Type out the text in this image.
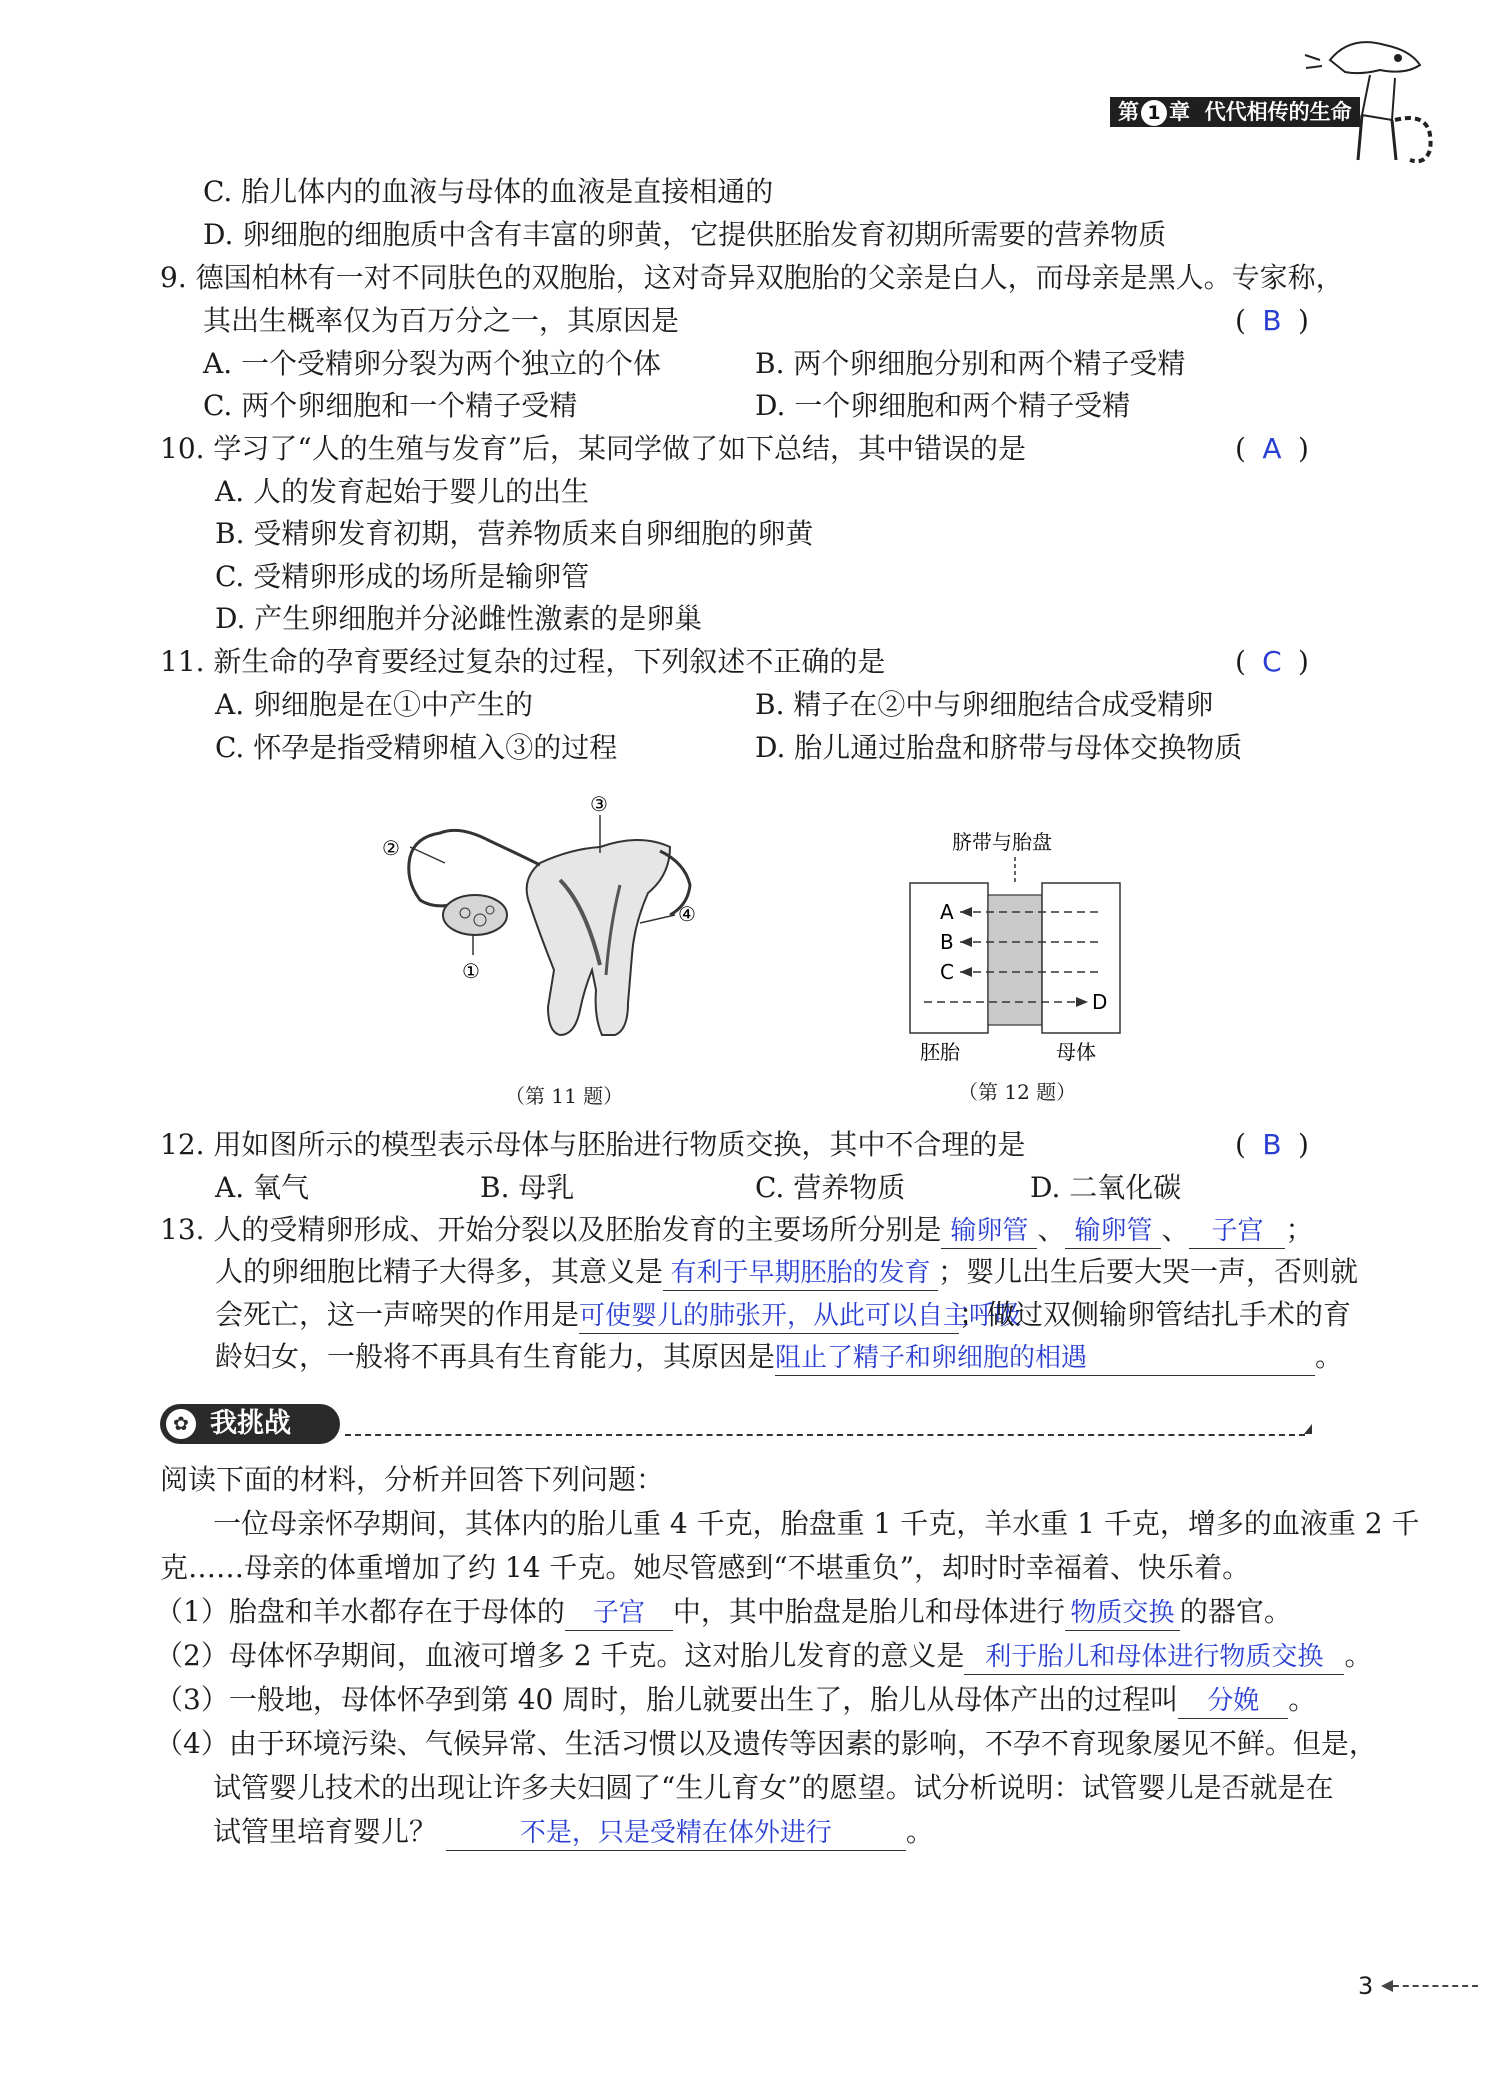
第 1 章 代代相传的生命
C. 胎儿体内的血液与母体的血液是直接相通的
D. 卵细胞的细胞质中含有丰富的卵黄，它提供胚胎发育初期所需要的营养物质
9. 德国柏林有一对不同肤色的双胞胎，这对奇异双胞胎的父亲是白人，而母亲是黑人。专家称，
其出生概率仅为百万分之一，其原因是	( B )
A. 一个受精卵分裂为两个独立的个体	B. 两个卵细胞分别和两个精子受精
C. 两个卵细胞和一个精子受精	D. 一个卵细胞和两个精子受精
10. 学习了“人的生殖与发育”后，某同学做了如下总结，其中错误的是	( A )
A. 人的发育起始于婴儿的出生
B. 受精卵发育初期，营养物质来自卵细胞的卵黄
C. 受精卵形成的场所是输卵管
D. 产生卵细胞并分泌雌性激素的是卵巢
11. 新生命的孕育要经过复杂的过程，下列叙述不正确的是	( C )
A. 卵细胞是在①中产生的	B. 精子在②中与卵细胞结合成受精卵
C. 怀孕是指受精卵植入③的过程	D. 胎儿通过胎盘和脐带与母体交换物质
②
③
④
①
（第 11 题）
脐带与胎盘
A
B
C
D
胚胎	母体
（第 12 题）
12. 用如图所示的模型表示母体与胚胎进行物质交换，其中不合理的是	( B )
A. 氧气	B. 母乳	C. 营养物质	D. 二氧化碳
13. 人的受精卵形成、开始分裂以及胚胎发育的主要场所分别是 输卵管 、 输卵管 、 子宫 ；
人的卵细胞比精子大得多，其意义是 有利于早期胚胎的发育 ；婴儿出生后要大哭一声，否则就
会死亡，这一声啼哭的作用是可使婴儿的肺张开，从此可以自主呼吸；做过双侧输卵管结扎手术的育
龄妇女，一般将不再具有生育能力，其原因是阻止了精子和卵细胞的相遇	。
✿ 我挑战
阅读下面的材料，分析并回答下列问题：
一位母亲怀孕期间，其体内的胎儿重 4 千克，胎盘重 1 千克，羊水重 1 千克，增多的血液重 2 千
克……母亲的体重增加了约 14 千克。她尽管感到“不堪重负”，却时时幸福着、快乐着。
（1）胎盘和羊水都存在于母体的 子宫 中，其中胎盘是胎儿和母体进行 物质交换 的器官。
（2）母体怀孕期间，血液可增多 2 千克。这对胎儿发育的意义是 利于胎儿和母体进行物质交换 。
（3）一般地，母体怀孕到第 40 周时，胎儿就要出生了，胎儿从母体产出的过程叫 分娩 。
（4）由于环境污染、气候异常、生活习惯以及遗传等因素的影响，不孕不育现象屡见不鲜。但是，
试管婴儿技术的出现让许多夫妇圆了“生儿育女”的愿望。试分析说明：试管婴儿是否就是在
试管里培育婴儿？	不是，只是受精在体外进行	。
3
